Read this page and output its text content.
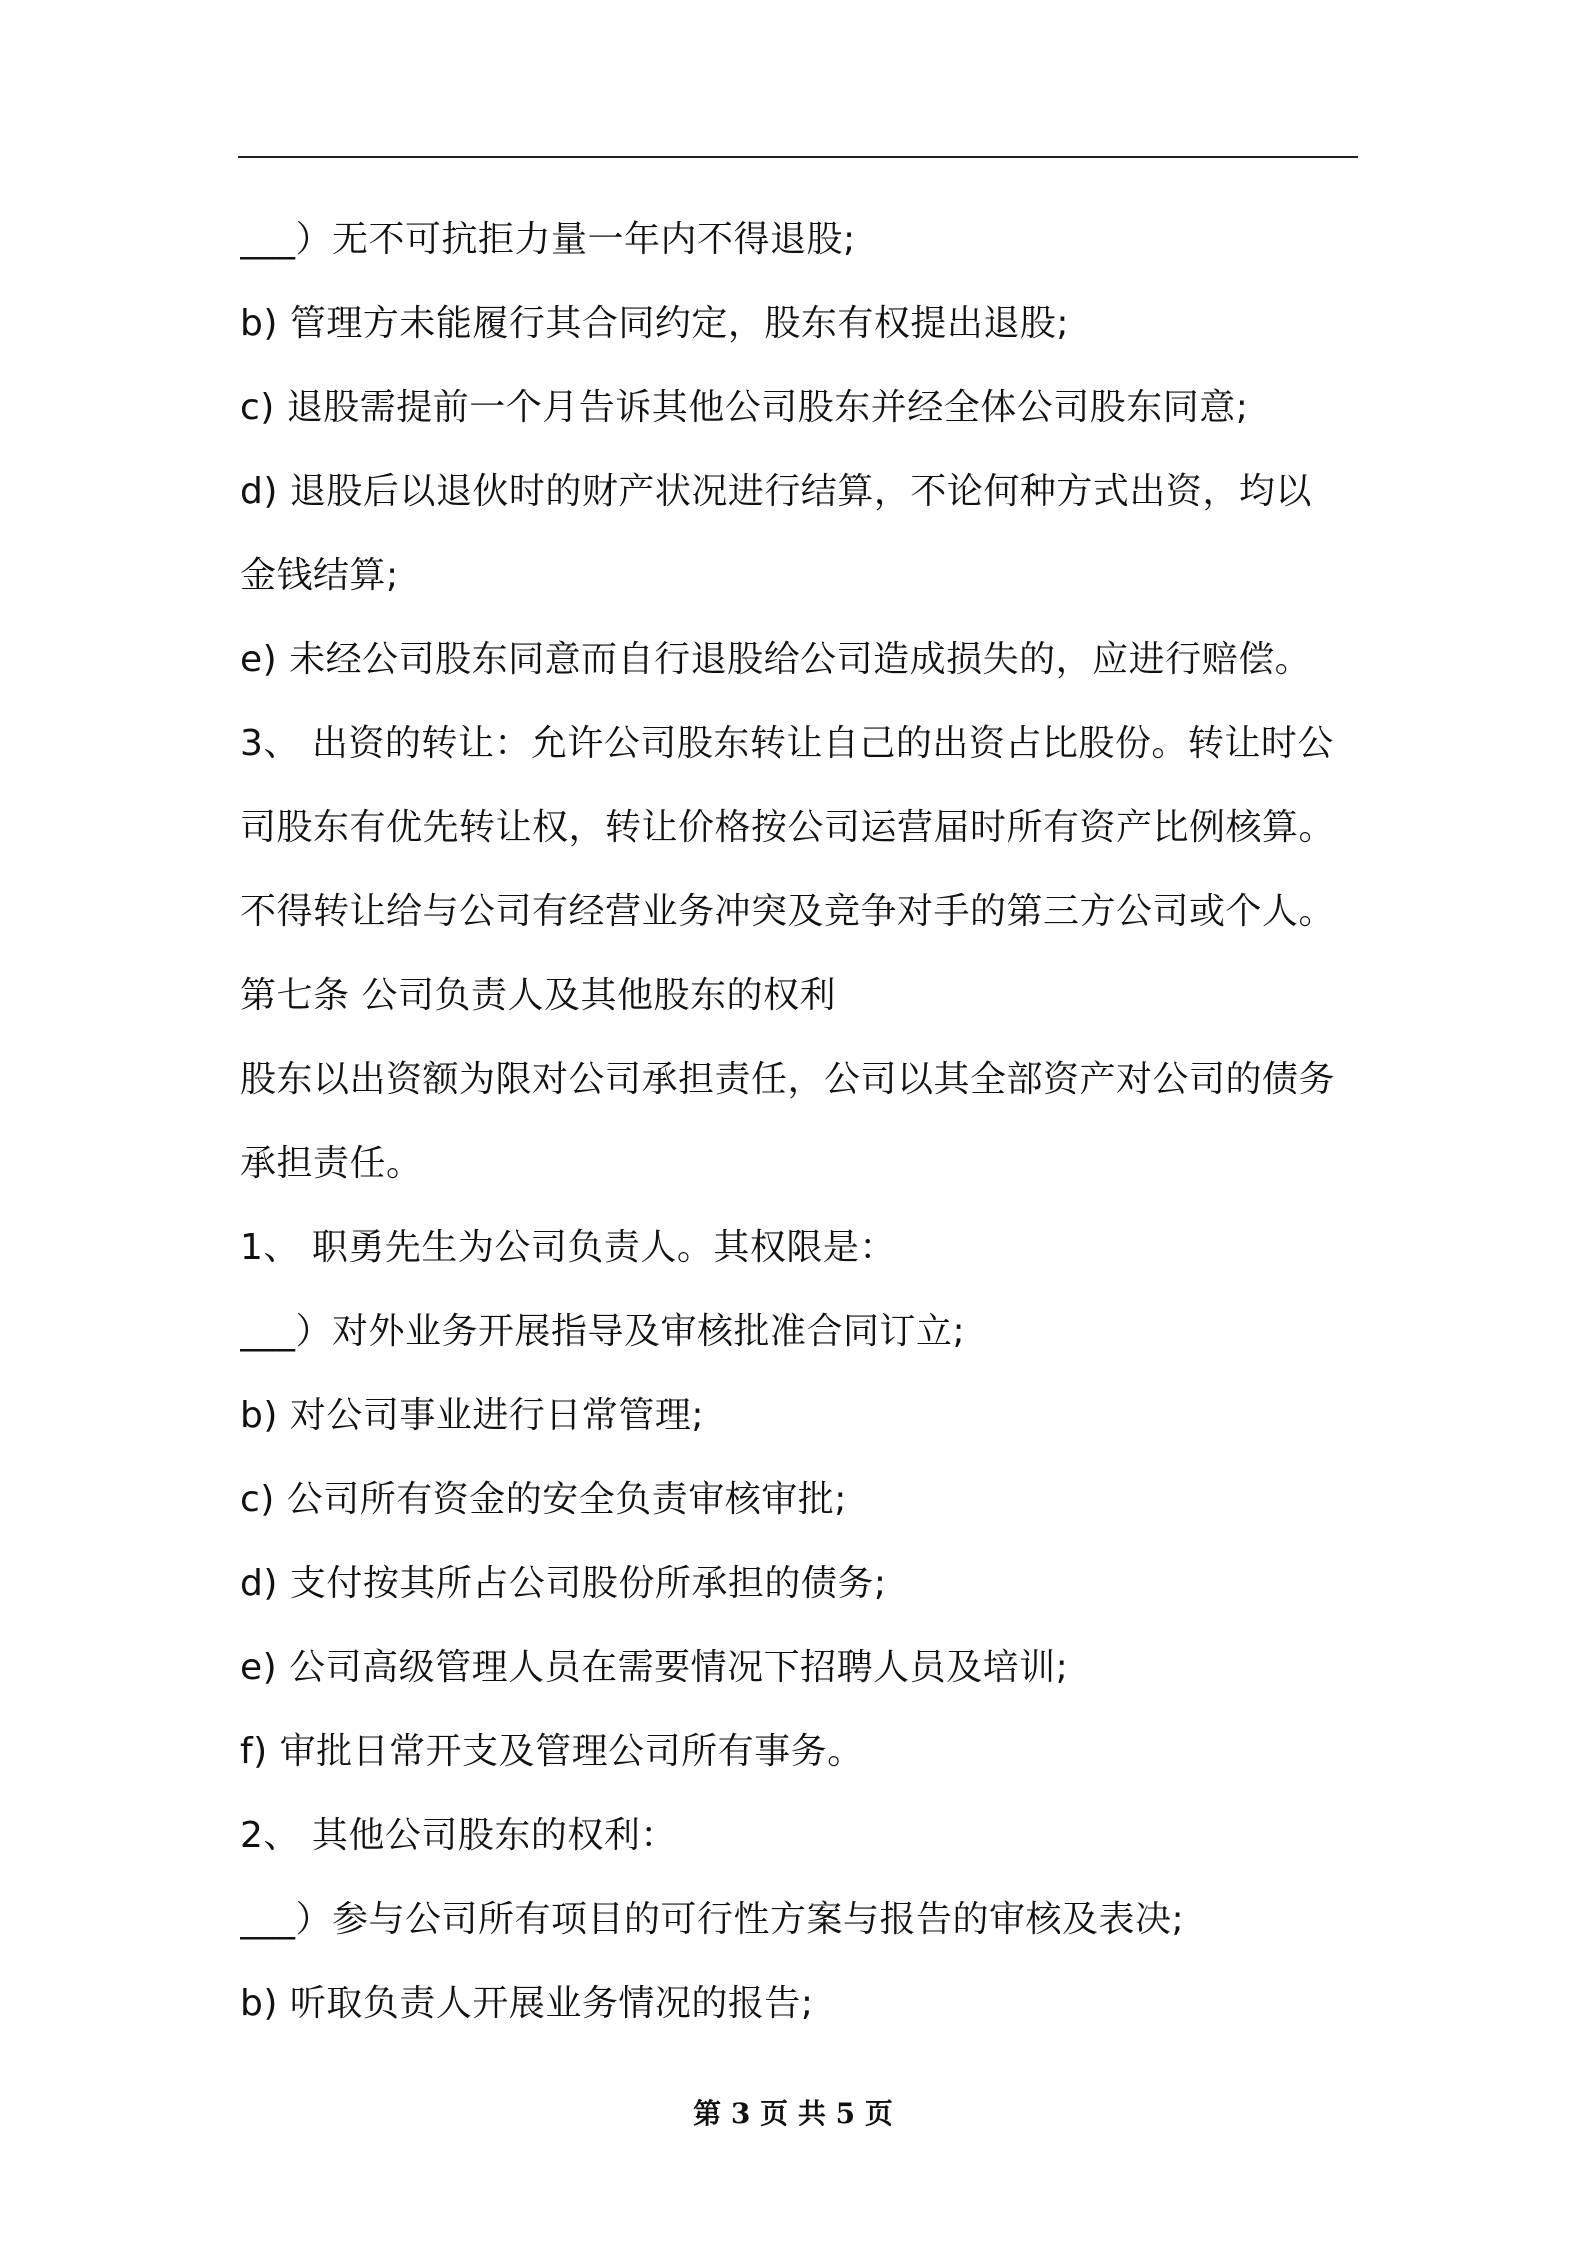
___）无不可抗拒力量一年内不得退股;
b) 管理方未能履行其合同约定，股东有权提出退股;
c) 退股需提前一个月告诉其他公司股东并经全体公司股东同意;
d) 退股后以退伙时的财产状况进行结算，不论何种方式出资，均以
金钱结算;
e) 未经公司股东同意而自行退股给公司造成损失的，应进行赔偿。
3、 出资的转让：允许公司股东转让自己的出资占比股份。转让时公
司股东有优先转让权，转让价格按公司运营届时所有资产比例核算。
不得转让给与公司有经营业务冲突及竞争对手的第三方公司或个人。
第七条 公司负责人及其他股东的权利
股东以出资额为限对公司承担责任，公司以其全部资产对公司的债务
承担责任。
1、 职勇先生为公司负责人。其权限是：
___）对外业务开展指导及审核批准合同订立;
b) 对公司事业进行日常管理;
c) 公司所有资金的安全负责审核审批;
d) 支付按其所占公司股份所承担的债务;
e) 公司高级管理人员在需要情况下招聘人员及培训;
f) 审批日常开支及管理公司所有事务。
2、 其他公司股东的权利：
___）参与公司所有项目的可行性方案与报告的审核及表决;
b) 听取负责人开展业务情况的报告;
第 3 页 共 5 页
